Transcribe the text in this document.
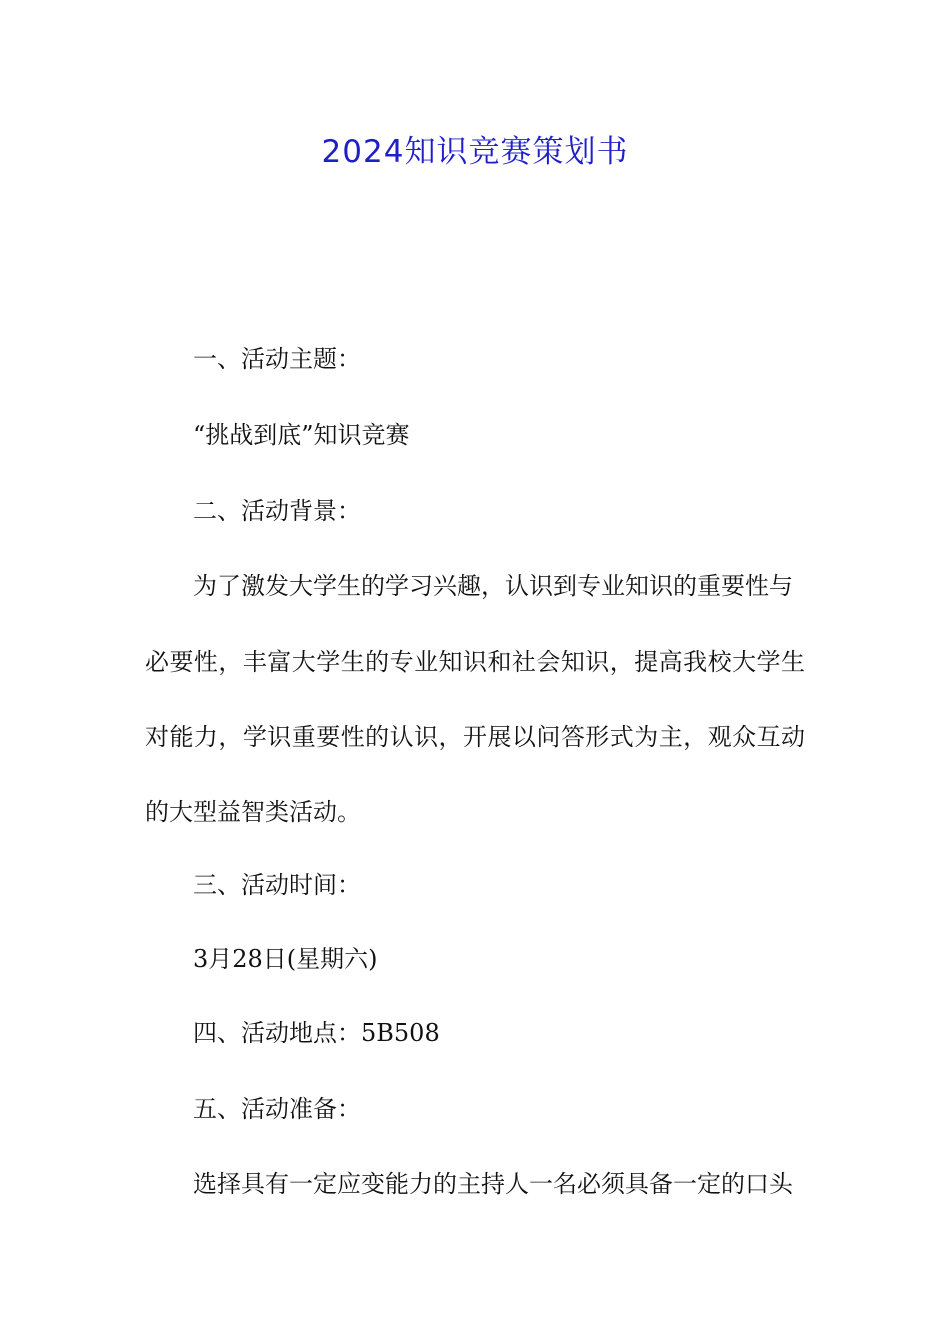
2024知识竞赛策划书

一、活动主题：

“挑战到底”知识竞赛

二、活动背景：

为了激发大学生的学习兴趣，认识到专业知识的重要性与

必要性，丰富大学生的专业知识和社会知识，提高我校大学生

对能力，学识重要性的认识，开展以问答形式为主，观众互动

的大型益智类活动。

三、活动时间：

3月28日(星期六)

四、活动地点：5B508

五、活动准备：

选择具有一定应变能力的主持人一名必须具备一定的口头
